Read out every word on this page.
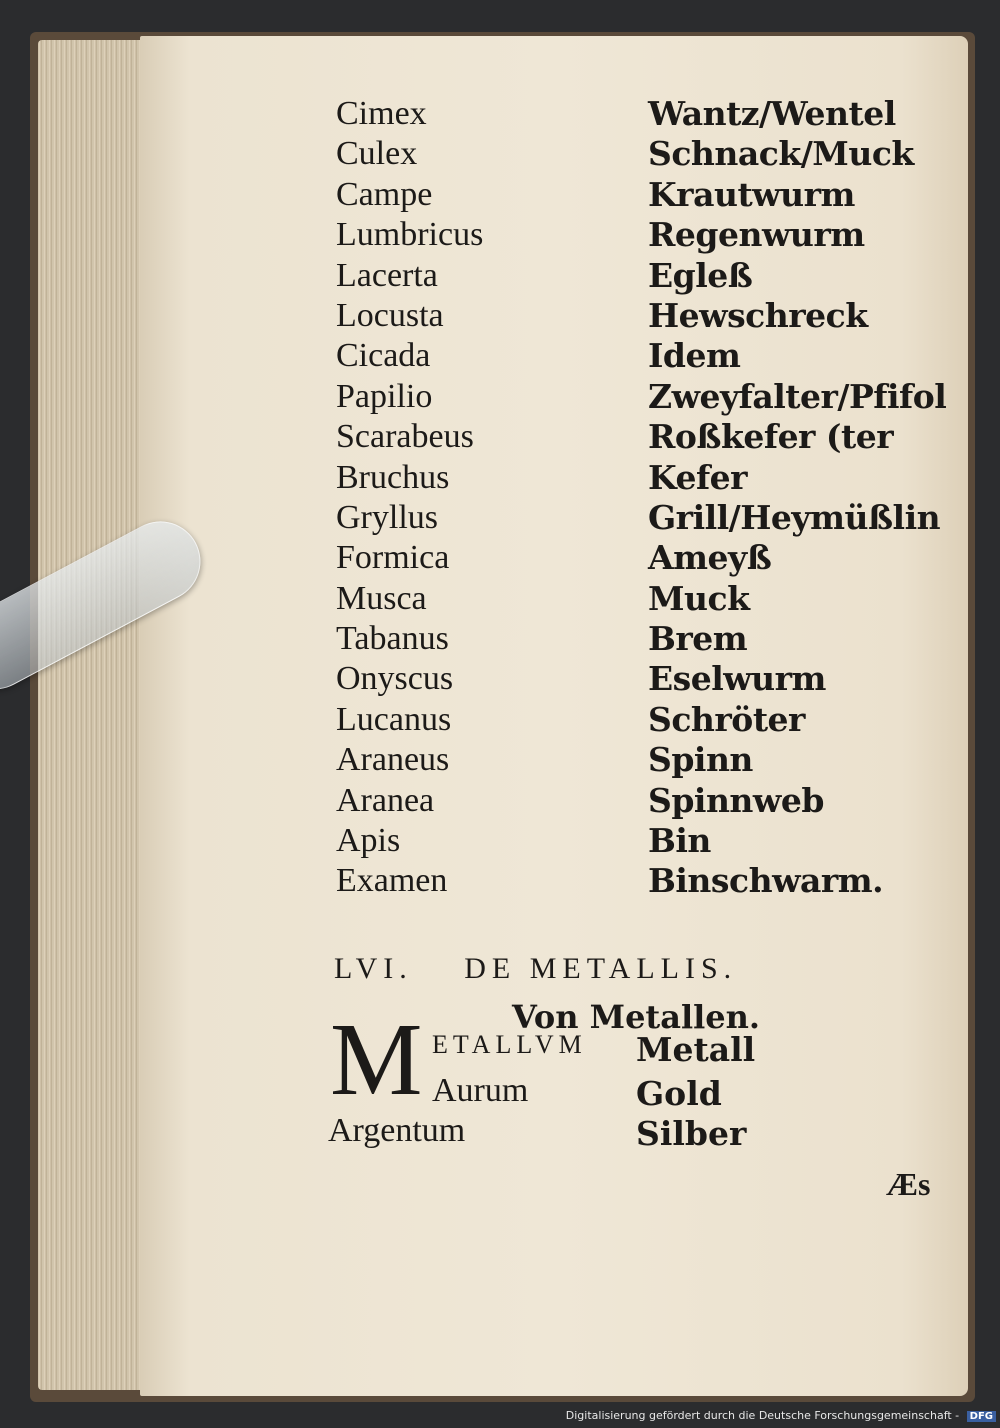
Cimex
Culex
Campe
Lumbricus
Lacerta
Locusta
Cicada
Papilio
Scarabeus
Bruchus
Gryllus
Formica
Musca
Tabanus
Onyscus
Lucanus
Araneus
Aranea
Apis
Examen
Wantz/Wentel
Schnack/Muck
Krautwurm
Regenwurm
Egleß
Hewschreck
Idem
Zweyfalter/Pfifol
Roßkefer (ter
Kefer
Grill/Heymüßlin
Ameyß
Muck
Brem
Eselwurm
Schröter
Spinn
Spinnweb
Bin
Binschwarm.
LVI. DE METALLIS.
Von Metallen.
M ETALLVM Metall
Aurum	Gold
Argentum	Silber
Æs
Digitalisierung gefördert durch die Deutsche Forschungsgemeinschaft - DFG
